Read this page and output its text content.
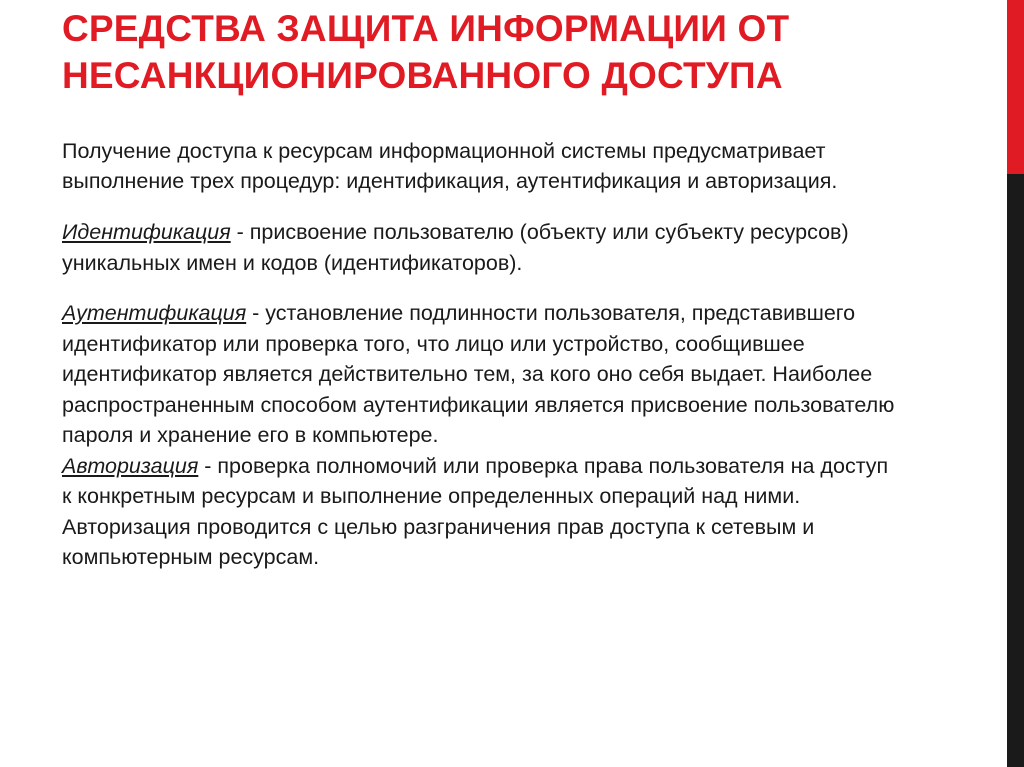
СРЕДСТВА ЗАЩИТА ИНФОРМАЦИИ ОТ НЕСАНКЦИОНИРОВАННОГО ДОСТУПА

Получение доступа к ресурсам информационной системы предусматривает выполнение трех процедур: идентификация, аутентификация и авторизация.

Идентификация - присвоение пользователю (объекту или субъекту ресурсов) уникальных имен и кодов (идентификаторов).

Аутентификация - установление подлинности пользователя, представившего идентификатор или проверка того, что лицо или устройство, сообщившее идентификатор является действительно тем, за кого оно себя выдает. Наиболее распространенным способом аутентификации является присвоение пользователю пароля и хранение его в компьютере.

Авторизация - проверка полномочий или проверка права пользователя на доступ к конкретным ресурсам и выполнение определенных операций над ними. Авторизация проводится с целью разграничения прав доступа к сетевым и компьютерным ресурсам.
